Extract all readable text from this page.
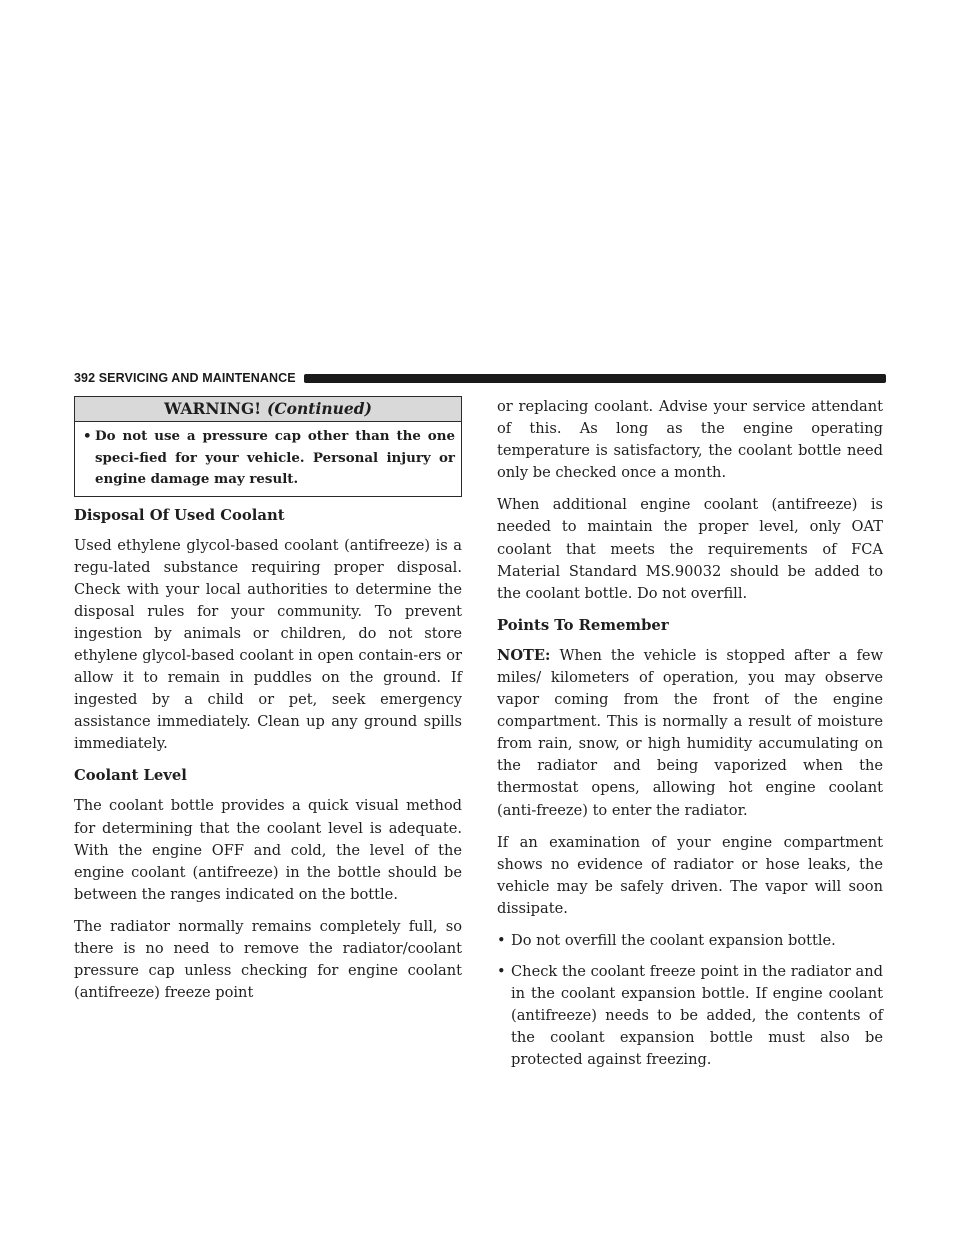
392 SERVICING AND MAINTENANCE
WARNING! (Continued)
• Do not use a pressure cap other than the one speci-fied for your vehicle. Personal injury or engine damage may result.
Disposal Of Used Coolant

Used ethylene glycol-based coolant (antifreeze) is a regu-lated substance requiring proper disposal. Check with your local authorities to determine the disposal rules for your community. To prevent ingestion by animals or children, do not store ethylene glycol-based coolant in open contain-ers or allow it to remain in puddles on the ground. If ingested by a child or pet, seek emergency assistance immediately. Clean up any ground spills immediately.

Coolant Level

The coolant bottle provides a quick visual method for determining that the coolant level is adequate. With the engine OFF and cold, the level of the engine coolant (antifreeze) in the bottle should be between the ranges indicated on the bottle.

The radiator normally remains completely full, so there is no need to remove the radiator/coolant pressure cap unless checking for engine coolant (antifreeze) freeze point

or replacing coolant. Advise your service attendant of this. As long as the engine operating temperature is satisfactory, the coolant bottle need only be checked once a month.

When additional engine coolant (antifreeze) is needed to maintain the proper level, only OAT coolant that meets the requirements of FCA Material Standard MS.90032 should be added to the coolant bottle. Do not overfill.

Points To Remember

NOTE: When the vehicle is stopped after a few miles/ kilometers of operation, you may observe vapor coming from the front of the engine compartment. This is normally a result of moisture from rain, snow, or high humidity accumulating on the radiator and being vaporized when the thermostat opens, allowing hot engine coolant (anti-freeze) to enter the radiator.

If an examination of your engine compartment shows no evidence of radiator or hose leaks, the vehicle may be safely driven. The vapor will soon dissipate.

• Do not overfill the coolant expansion bottle.
• Check the coolant freeze point in the radiator and in the coolant expansion bottle. If engine coolant (antifreeze) needs to be added, the contents of the coolant expansion bottle must also be protected against freezing.
